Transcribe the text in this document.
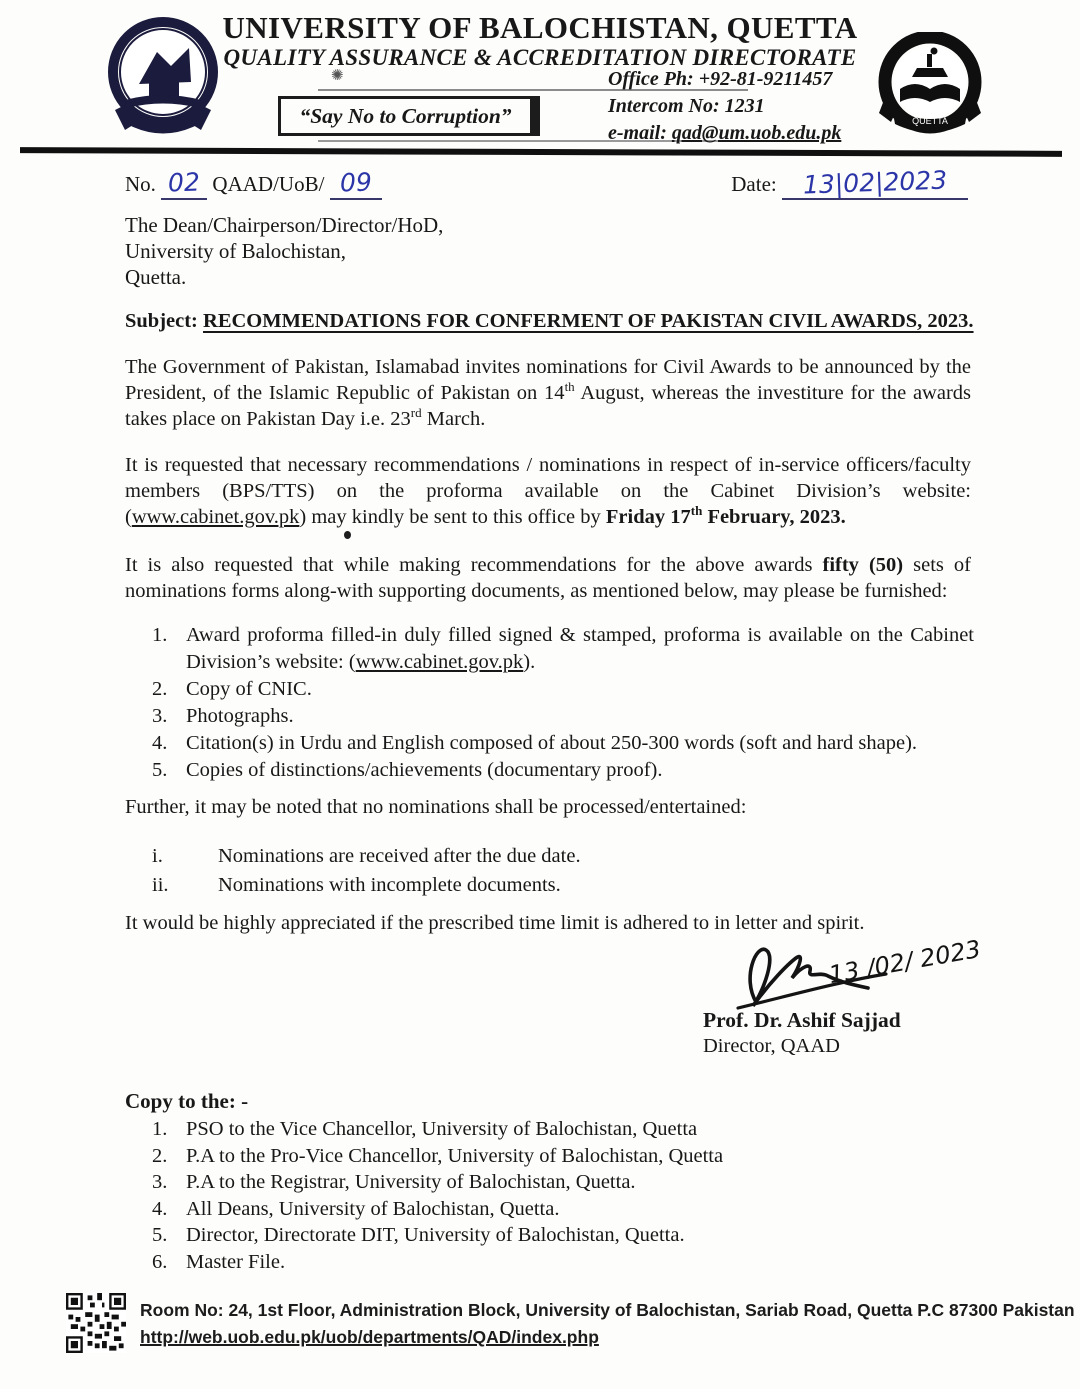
QUETTA
UNIVERSITY OF BALOCHISTAN, QUETTA
QUALITY ASSURANCE & ACCREDITATION DIRECTORATE
✺
“Say No to Corruption”
Office Ph: +92-81-9211457
Intercom No: 1231
e-mail: qad@um.uob.edu.pk
No. 02 QAAD/UoB/ 09	Date: 13|02|2023
The Dean/Chairperson/Director/HoD,
University of Balochistan,
Quetta.
Subject: RECOMMENDATIONS FOR CONFERMENT OF PAKISTAN CIVIL AWARDS, 2023.

The Government of Pakistan, Islamabad invites nominations for Civil Awards to be announced by the President, of the Islamic Republic of Pakistan on 14th August, whereas the investiture for the awards takes place on Pakistan Day i.e. 23rd March.

It is requested that necessary recommendations / nominations in respect of in-service officers/faculty members (BPS/TTS) on the proforma available on the Cabinet Division’s website: (www.cabinet.gov.pk) may kindly be sent to this office by Friday 17th February, 2023.

It is also requested that while making recommendations for the above awards fifty (50) sets of nominations forms along-with supporting documents, as mentioned below, may please be furnished:

1. Award proforma filled-in duly filled signed & stamped, proforma is available on the Cabinet Division’s website: (www.cabinet.gov.pk).
2. Copy of CNIC.
3. Photographs.
4. Citation(s) in Urdu and English composed of about 250-300 words (soft and hard shape).
5. Copies of distinctions/achievements (documentary proof).

Further, it may be noted that no nominations shall be processed/entertained:

i.	Nominations are received after the due date.
ii.	Nominations with incomplete documents.

It would be highly appreciated if the prescribed time limit is adhered to in letter and spirit.

13 /02/ 2023
Prof. Dr. Ashif Sajjad
Director, QAAD
Copy to the: -
1. PSO to the Vice Chancellor, University of Balochistan, Quetta
2. P.A to the Pro-Vice Chancellor, University of Balochistan, Quetta
3. P.A to the Registrar, University of Balochistan, Quetta.
4. All Deans, University of Balochistan, Quetta.
5. Director, Directorate DIT, University of Balochistan, Quetta.
6. Master File.
Room No: 24, 1st Floor, Administration Block, University of Balochistan, Sariab Road, Quetta P.C 87300 Pakistan
http://web.uob.edu.pk/uob/departments/QAD/index.php
